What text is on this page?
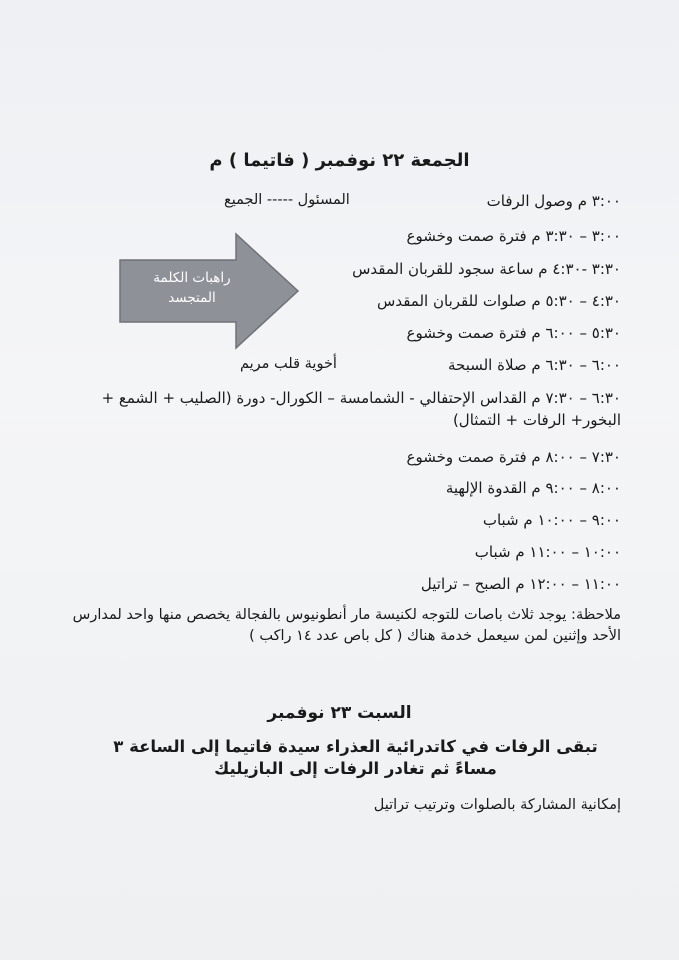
الجمعة ٢٢ نوفمبر ( فاتيما ) م
٣:٠٠ م وصول الرفات
المسئول ----- الجميع
٣:٠٠ – ٣:٣٠ م فترة صمت وخشوع
٣:٣٠ -٤:٣٠ م ساعة سجود للقربان المقدس
٤:٣٠ – ٥:٣٠ م صلوات للقربان المقدس
٥:٣٠ – ٦:٠٠ م فترة صمت وخشوع
٦:٠٠ – ٦:٣٠ م صلاة السبحة
أخوية قلب مريم
٦:٣٠ – ٧:٣٠ م القداس الإحتفالي - الشمامسة – الكورال- دورة (الصليب + الشمع + البخور+ الرفات + التمثال)
٧:٣٠ – ٨:٠٠ م فترة صمت وخشوع
٨:٠٠ – ٩:٠٠ م القدوة الإلهية
٩:٠٠ – ١٠:٠٠ م شباب
١٠:٠٠ – ١١:٠٠ م شباب
١١:٠٠ – ١٢:٠٠ م الصبح – تراتيل
ملاحظة: يوجد ثلاث باصات للتوجه لكنيسة مار أنطونيوس بالفجالة يخصص منها واحد لمدارس الأحد وإثنين لمن سيعمل خدمة هناك ( كل باص عدد ١٤ راكب )
راهبات الكلمة
المتجسد
السبت ٢٣ نوفمبر
تبقى الرفات في كاتدرائية العذراء سيدة فاتيما إلى الساعة ٣ مساءً ثم تغادر الرفات إلى البازيليك
إمكانية المشاركة بالصلوات وترتيب تراتيل
